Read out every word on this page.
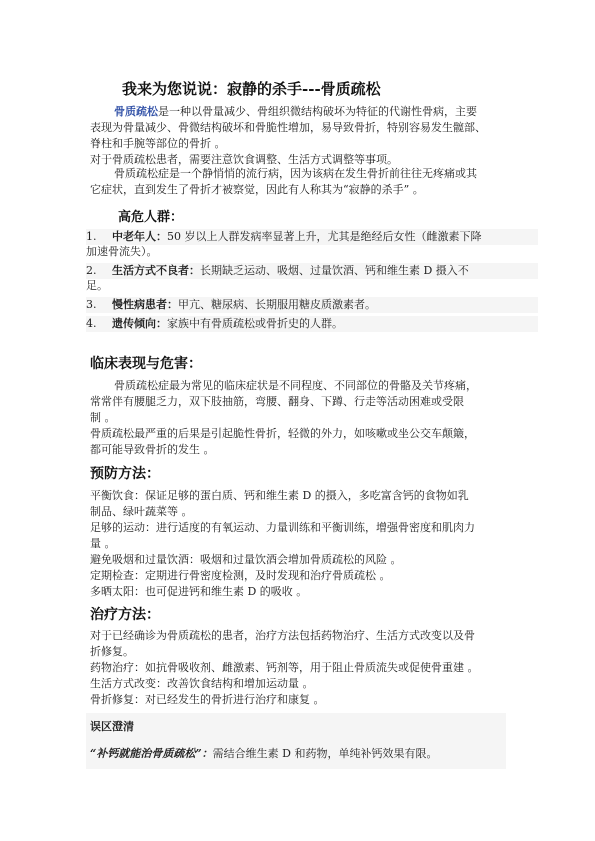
我来为您说说：寂静的杀手---骨质疏松
骨质疏松是一种以骨量减少、骨组织微结构破坏为特征的代谢性骨病，主要
表现为骨量减少、骨微结构破坏和骨脆性增加，易导致骨折，特别容易发生髋部、
脊柱和手腕等部位的骨折 。
对于骨质疏松患者，需要注意饮食调整、生活方式调整等事项。
骨质疏松症是一个静悄悄的流行病，因为该病在发生骨折前往往无疼痛或其
它症状，直到发生了骨折才被察觉，因此有人称其为“寂静的杀手” 。
高危人群：
1. 中老年人：50 岁以上人群发病率显著上升，尤其是绝经后女性（雌激素下降
加速骨流失）。
2. 生活方式不良者：长期缺乏运动、吸烟、过量饮酒、钙和维生素 D 摄入不
足。
3. 慢性病患者：甲亢、糖尿病、长期服用糖皮质激素者。
4. 遗传倾向：家族中有骨质疏松或骨折史的人群。
临床表现与危害：
骨质疏松症最为常见的临床症状是不同程度、不同部位的骨骼及关节疼痛，
常常伴有腰腿乏力，双下肢抽筋，弯腰、翻身、下蹲、行走等活动困难或受限
制 。
骨质疏松最严重的后果是引起脆性骨折，轻微的外力，如咳嗽或坐公交车颠簸，
都可能导致骨折的发生 。
预防方法：
平衡饮食：保证足够的蛋白质、钙和维生素 D 的摄入，多吃富含钙的食物如乳
制品、绿叶蔬菜等 。
足够的运动：进行适度的有氧运动、力量训练和平衡训练，增强骨密度和肌肉力
量 。
避免吸烟和过量饮酒：吸烟和过量饮酒会增加骨质疏松的风险 。
定期检查：定期进行骨密度检测，及时发现和治疗骨质疏松 。
多晒太阳：也可促进钙和维生素 D 的吸收 。
治疗方法：
对于已经确诊为骨质疏松的患者，治疗方法包括药物治疗、生活方式改变以及骨
折修复。
药物治疗：如抗骨吸收剂、雌激素、钙剂等，用于阻止骨质流失或促使骨重建 。
生活方式改变：改善饮食结构和增加运动量 。
骨折修复：对已经发生的骨折进行治疗和康复 。
误区澄清
“补钙就能治骨质疏松”：需结合维生素 D 和药物，单纯补钙效果有限。
